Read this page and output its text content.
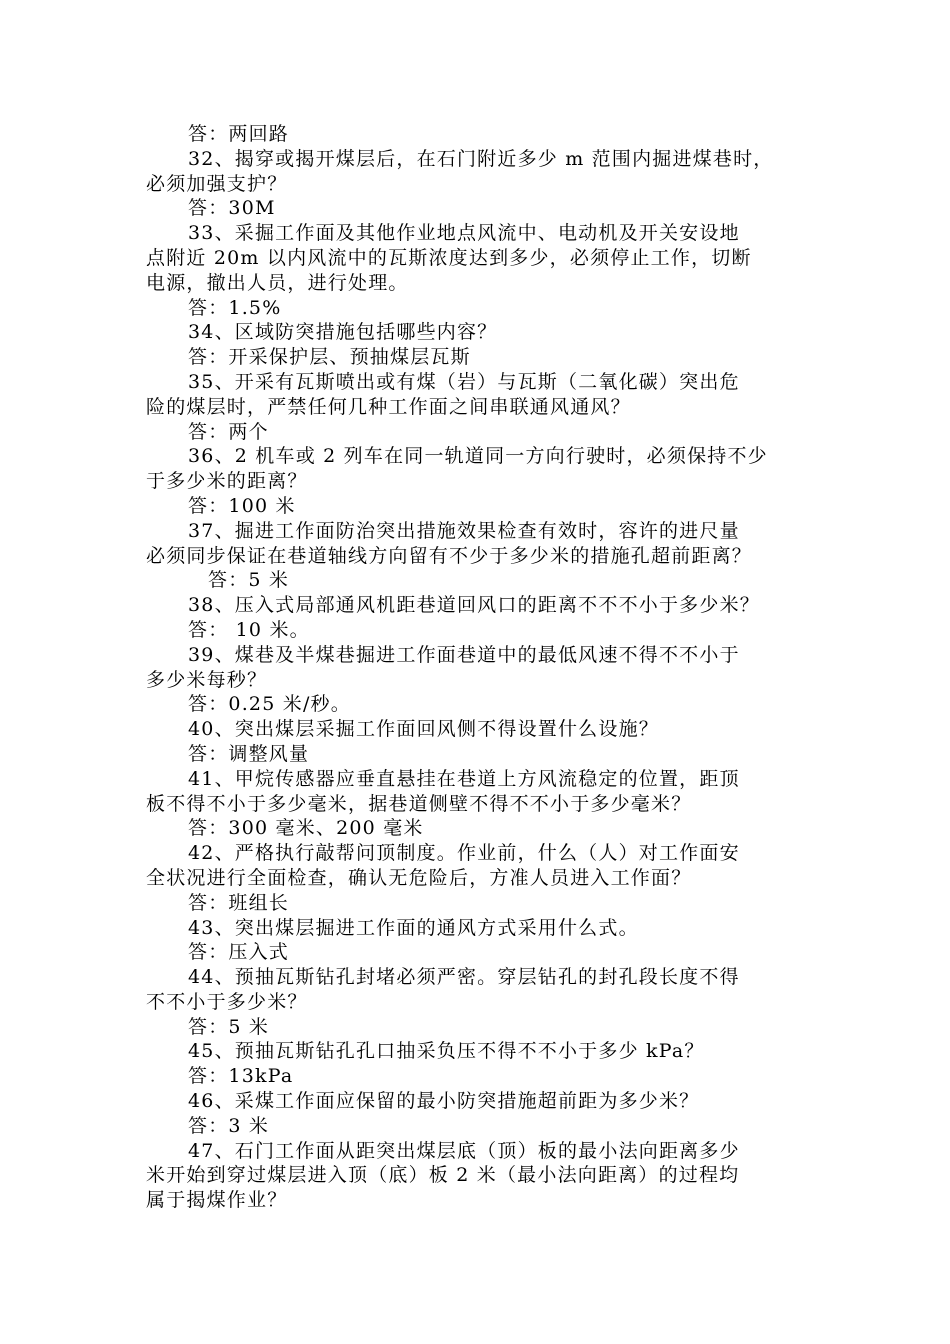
答：两回路
32、揭穿或揭开煤层后，在石门附近多少 m 范围内掘进煤巷时，
必须加强支护？
答：30M
33、采掘工作面及其他作业地点风流中、电动机及开关安设地
点附近 20m 以内风流中的瓦斯浓度达到多少，必须停止工作，切断
电源，撤出人员，进行处理。
答：1.5%
34、区域防突措施包括哪些内容？
答：开采保护层、预抽煤层瓦斯
35、开采有瓦斯喷出或有煤（岩）与瓦斯（二氧化碳）突出危
险的煤层时，严禁任何几种工作面之间串联通风通风？
答：两个
36、2 机车或 2 列车在同一轨道同一方向行驶时，必须保持不少
于多少米的距离？
答：100 米
37、掘进工作面防治突出措施效果检查有效时，容许的进尺量
必须同步保证在巷道轴线方向留有不少于多少米的措施孔超前距离？
答：5 米
38、压入式局部通风机距巷道回风口的距离不不不小于多少米？
答： 10 米。
39、煤巷及半煤巷掘进工作面巷道中的最低风速不得不不小于
多少米每秒？
答：0.25 米/秒。
40、突出煤层采掘工作面回风侧不得设置什么设施？
答：调整风量
41、甲烷传感器应垂直悬挂在巷道上方风流稳定的位置，距顶
板不得不小于多少毫米，据巷道侧壁不得不不小于多少毫米？
答：300 毫米、200 毫米
42、严格执行敲帮问顶制度。作业前，什么（人）对工作面安
全状况进行全面检查，确认无危险后，方准人员进入工作面？
答：班组长
43、突出煤层掘进工作面的通风方式采用什么式。
答：压入式
44、预抽瓦斯钻孔封堵必须严密。穿层钻孔的封孔段长度不得
不不小于多少米？
答：5 米
45、预抽瓦斯钻孔孔口抽采负压不得不不小于多少 kPa？
答：13kPa
46、采煤工作面应保留的最小防突措施超前距为多少米？
答：3 米
47、石门工作面从距突出煤层底（顶）板的最小法向距离多少
米开始到穿过煤层进入顶（底）板 2 米（最小法向距离）的过程均
属于揭煤作业？
